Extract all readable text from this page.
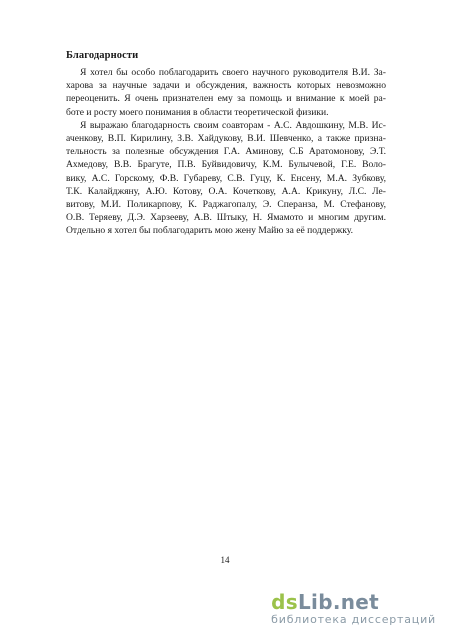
Благодарности
Я хотел бы особо поблагодарить своего научного руководителя В.И. За-
харова за научные задачи и обсуждения, важность которых невозможно
переоценить. Я очень признателен ему за помощь и внимание к моей ра-
боте и росту моего понимания в области теоретической физики.
Я выражаю благодарность своим соавторам - А.С. Авдошкину, М.В. Ис-
аченкову, В.П. Кирилину, З.В. Хайдукову, В.И. Шевченко, а также призна-
тельность за полезные обсуждения Г.А. Аминову, С.Б Аратомонову, Э.Т.
Ахмедову, В.В. Брагуте, П.В. Буйвидовичу, К.М. Булычевой, Г.Е. Воло-
вику, А.С. Горскому, Ф.В. Губареву, С.В. Гуцу, К. Енсену, М.А. Зубкову,
Т.К. Калайджяну, А.Ю. Котову, О.А. Кочеткову, А.А. Крикуну, Л.С. Ле-
витову, М.И. Поликарпову, К. Раджагопалу, Э. Сперанза, М. Стефанову,
О.В. Теряеву, Д.Э. Харзееву, А.В. Штыку, Н. Ямамото и многим другим.
Отдельно я хотел бы поблагодарить мою жену Майю за её поддержку.
14
dsLib.net
библиотека диссертаций
